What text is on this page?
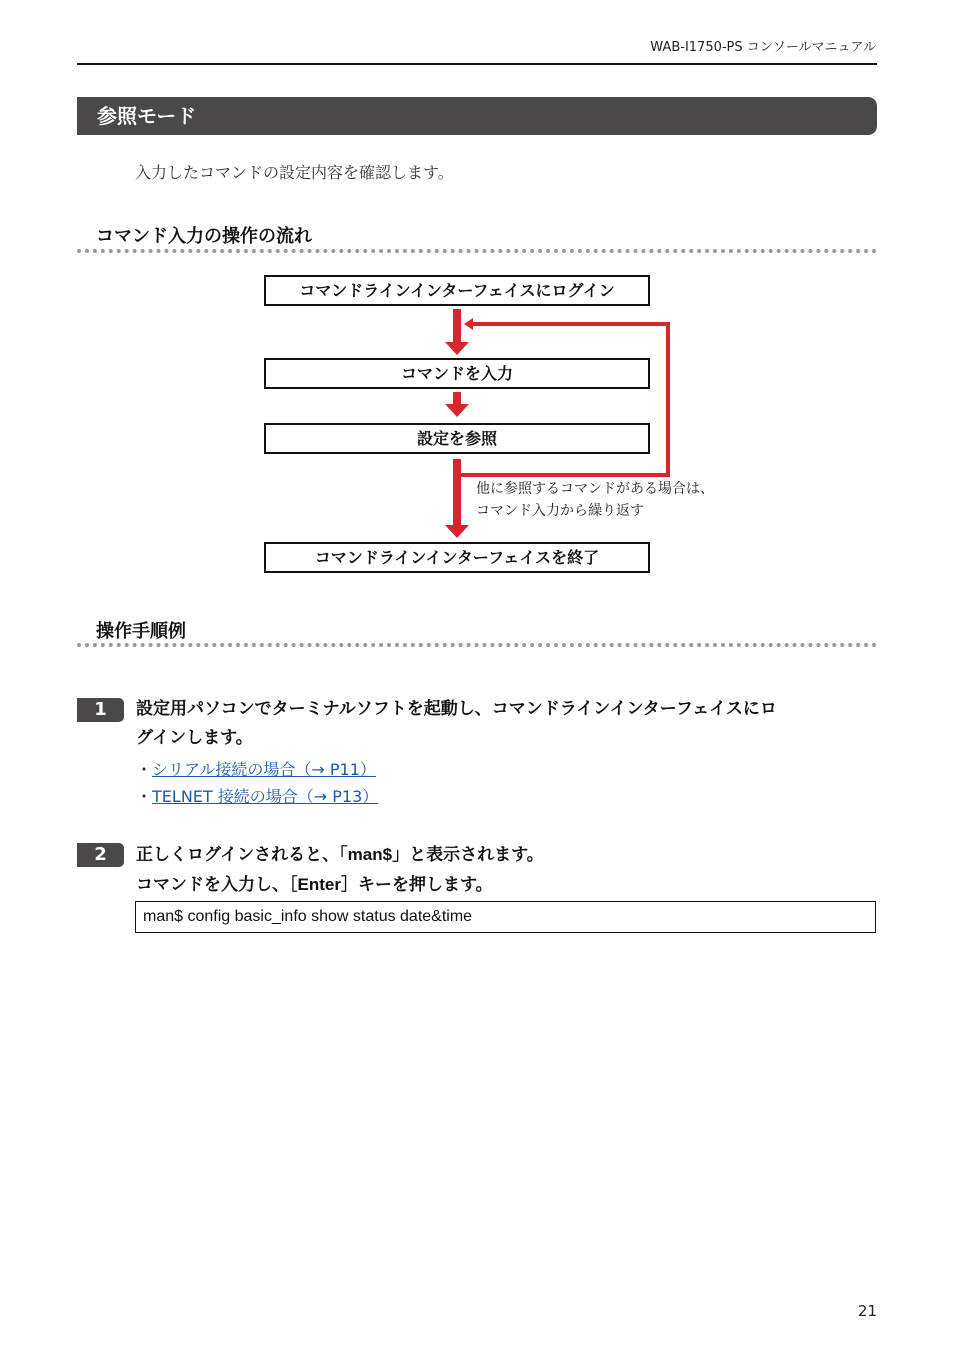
WAB-I1750-PS コンソールマニュアル
参照モード
入力したコマンドの設定内容を確認します。
コマンド入力の操作の流れ
コマンドラインインターフェイスにログイン
コマンドを入力
設定を参照
他に参照するコマンドがある場合は、
コマンド入力から繰り返す
コマンドラインインターフェイスを終了
操作手順例
1	設定用パソコンでターミナルソフトを起動し、コマンドラインインターフェイスにロ
グインします。
・シリアル接続の場合（→ P11）
・TELNET 接続の場合（→ P13）
2	正しくログインされると、「man$」と表示されます。
コマンドを入力し、［Enter］キーを押します。
man$ config basic_info show status date&time
21
